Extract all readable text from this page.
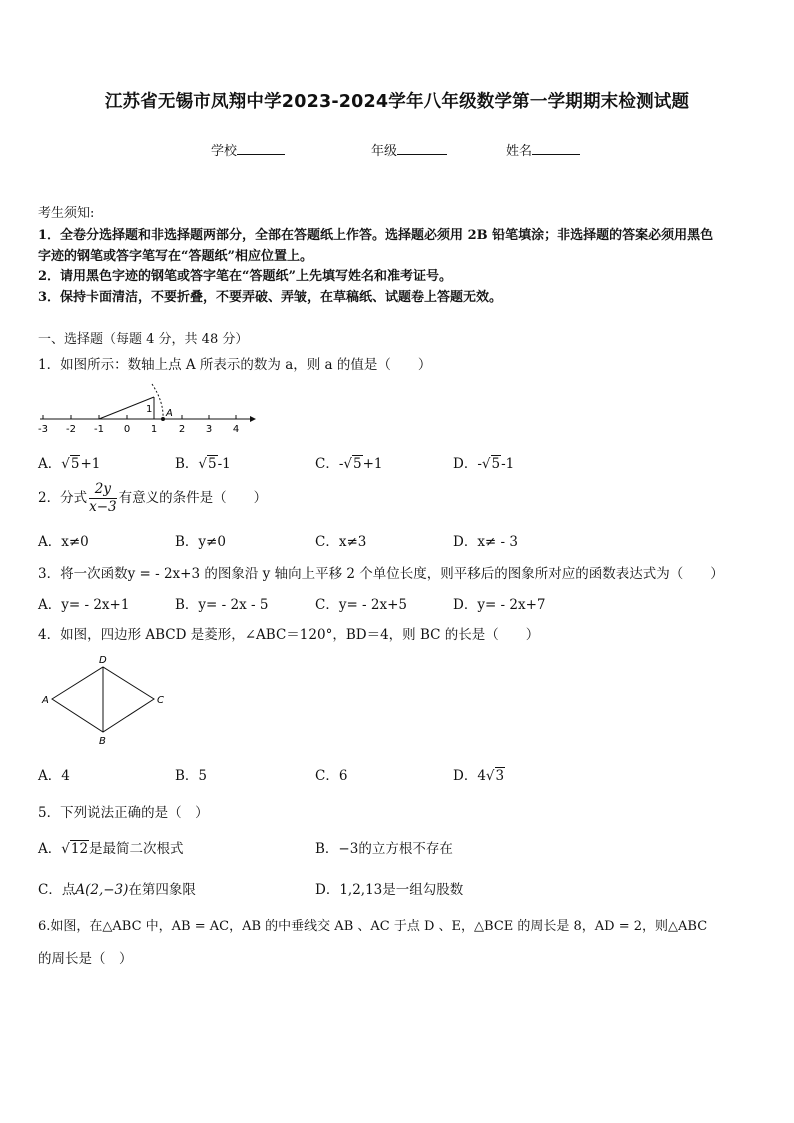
江苏省无锡市凤翔中学2023-2024学年八年级数学第一学期期末检测试题
学校	年级	姓名
考生须知:
1．全卷分选择题和非选择题两部分，全部在答题纸上作答。选择题必须用 2B 铅笔填涂；非选择题的答案必须用黑色
字迹的钢笔或答字笔写在“答题纸”相应位置上。
2．请用黑色字迹的钢笔或答字笔在“答题纸”上先填写姓名和准考证号。
3．保持卡面清洁，不要折叠，不要弄破、弄皱，在草稿纸、试题卷上答题无效。
一、选择题（每题 4 分，共 48 分）
1．如图所示：数轴上点 A 所表示的数为 a，则 a 的值是（　　）
1 A
-3 -2 -1 0 1 2 3 4
A．√5+1	B．√5-1	C．-√5+1	D．-√5-1
2．分式 $\frac{2y}{x-3}$ 有意义的条件是（　　）
A．x≠0	B．y≠0	C．x≠3	D．x≠ - 3
3．将一次函数y = - 2x+3 的图象沿 y 轴向上平移 2 个单位长度，则平移后的图象所对应的函数表达式为（　　）
A．y= - 2x+1	B．y= - 2x - 5	C．y= - 2x+5	D．y= - 2x+7
4．如图，四边形 ABCD 是菱形，∠ABC＝120°，BD＝4，则 BC 的长是（　　）
A
B
C
D
A．4	B．5	C．6	D．4√3
5．下列说法正确的是（　）
A．√12是最简二次根式	B．−3的立方根不存在
C．点A(2,−3)在第四象限	D．1,2,13是一组勾股数
6.如图，在△ABC 中，AB = AC，AB 的中垂线交 AB 、AC 于点 D 、E，△BCE 的周长是 8，AD = 2，则△ABC
的周长是（　）
